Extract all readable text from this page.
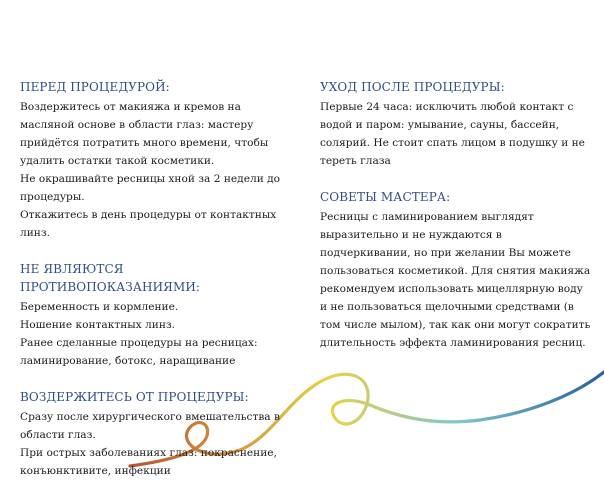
ПЕРЕД ПРОЦЕДУРОЙ:

Воздержитесь от макияжа и кремов на масляной основе в области глаз: мастеру прийдётся потратить много времени, чтобы удалить остатки такой косметики.

Не окрашивайте ресницы хной за 2 недели до процедуры.

Откажитесь в день процедуры от контактных линз.

НЕ ЯВЛЯЮТСЯ ПРОТИВОПОКАЗАНИЯМИ:

Беременность и кормление.

Ношение контактных линз.

Ранее сделанные процедуры на ресницах: ламинирование, ботокс, наращивание

ВОЗДЕРЖИТЕСЬ ОТ ПРОЦЕДУРЫ:

Сразу после хирургического вмешательства в области глаз.

При острых заболеваниях глаз: покраснение, конъюнктивите, инфекции

УХОД ПОСЛЕ ПРОЦЕДУРЫ:

Первые 24 часа: исключить любой контакт с водой и паром: умывание, сауны, бассейн, солярий. Не стоит спать лицом в подушку и не тереть глаза

СОВЕТЫ МАСТЕРА:

Ресницы с ламинированием выглядят выразительно и не нуждаются в подчеркивании, но при желании Вы можете пользоваться косметикой. Для снятия макияжа рекомендуем использовать мицеллярную воду и не пользоваться щелочными средствами (в том числе мылом), так как они могут сократить длительность эффекта ламинирования ресниц.
